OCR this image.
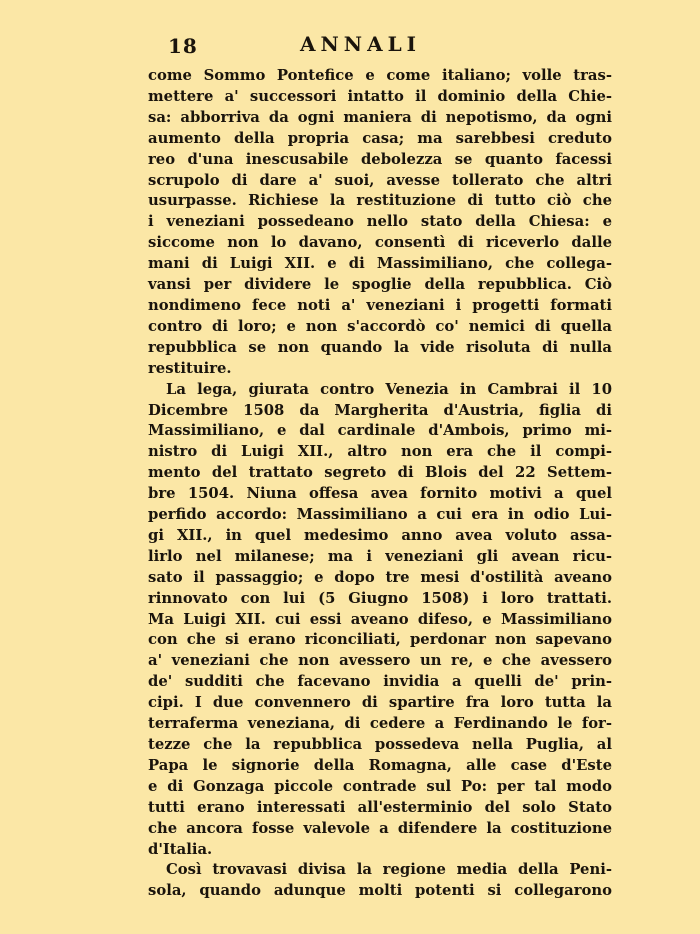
18	ANNALI
come Sommo Pontefice e come italiano; volle tras-
mettere a' successori intatto il dominio della Chie-
sa: abborriva da ogni maniera di nepotismo, da ogni
aumento della propria casa; ma sarebbesi creduto
reo d'una inescusabile debolezza se quanto facessi
scrupolo di dare a' suoi, avesse tollerato che altri
usurpasse. Richiese la restituzione di tutto ciò che
i veneziani possedeano nello stato della Chiesa: e
siccome non lo davano, consentì di riceverlo dalle
mani di Luigi XII. e di Massimiliano, che collega-
vansi per dividere le spoglie della repubblica. Ciò
nondimeno fece noti a' veneziani i progetti formati
contro di loro; e non s'accordò co' nemici di quella
repubblica se non quando la vide risoluta di nulla
restituire.
La lega, giurata contro Venezia in Cambrai il 10
Dicembre 1508 da Margherita d'Austria, figlia di
Massimiliano, e dal cardinale d'Ambois, primo mi-
nistro di Luigi XII., altro non era che il compi-
mento del trattato segreto di Blois del 22 Settem-
bre 1504. Niuna offesa avea fornito motivi a quel
perfido accordo: Massimiliano a cui era in odio Lui-
gi XII., in quel medesimo anno avea voluto assa-
lirlo nel milanese; ma i veneziani gli avean ricu-
sato il passaggio; e dopo tre mesi d'ostilità aveano
rinnovato con lui (5 Giugno 1508) i loro trattati.
Ma Luigi XII. cui essi aveano difeso, e Massimiliano
con che si erano riconciliati, perdonar non sapevano
a' veneziani che non avessero un re, e che avessero
de' sudditi che facevano invidia a quelli de' prin-
cipi. I due convennero di spartire fra loro tutta la
terraferma veneziana, di cedere a Ferdinando le for-
tezze che la repubblica possedeva nella Puglia, al
Papa le signorie della Romagna, alle case d'Este
e di Gonzaga piccole contrade sul Po: per tal modo
tutti erano interessati all'esterminio del solo Stato
che ancora fosse valevole a difendere la costituzione
d'Italia.
Così trovavasi divisa la regione media della Peni-
sola, quando adunque molti potenti si collegarono
